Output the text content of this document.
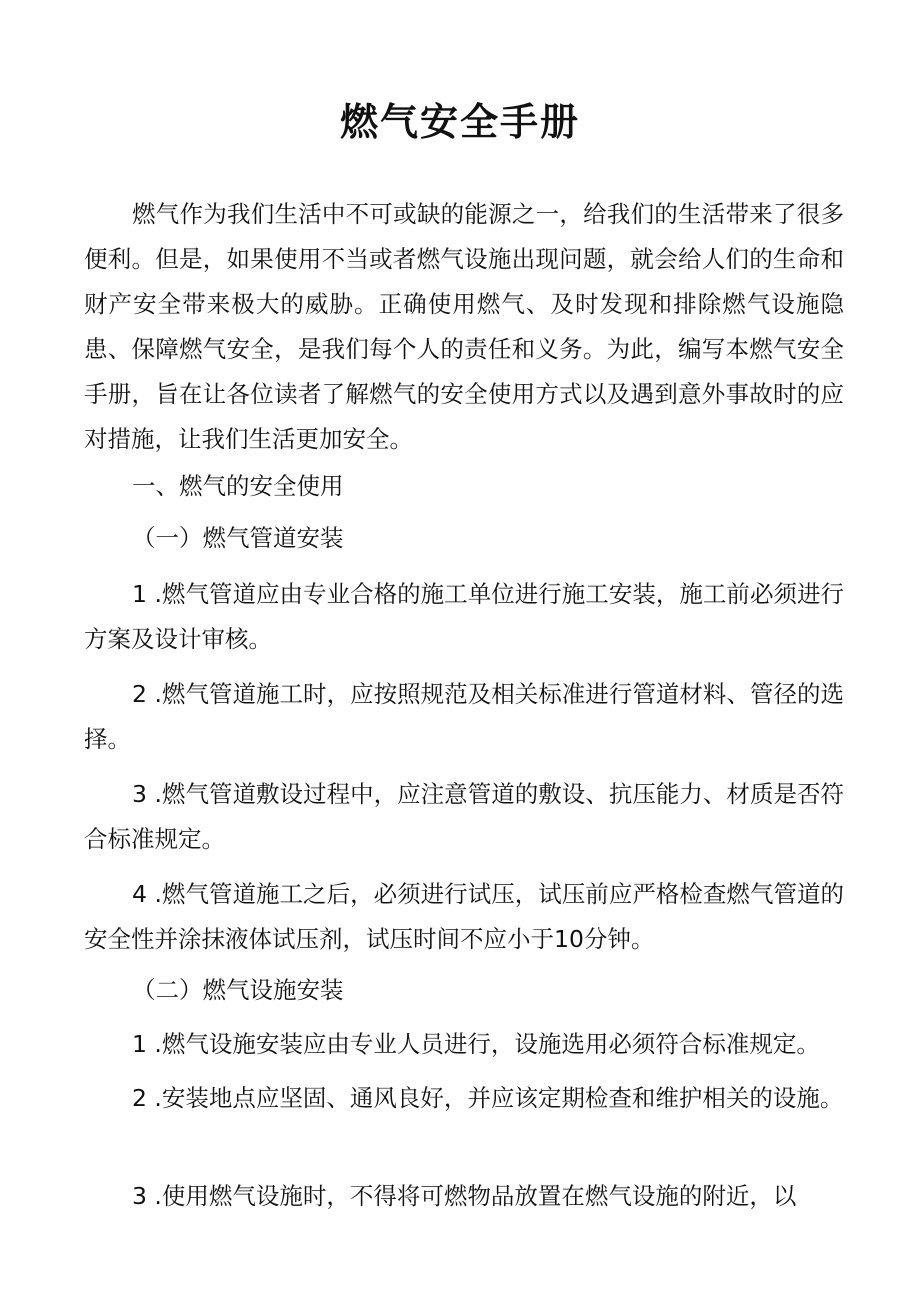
燃气安全手册

燃气作为我们生活中不可或缺的能源之一，给我们的生活带来了很多便利。但是，如果使用不当或者燃气设施出现问题，就会给人们的生命和财产安全带来极大的威胁。正确使用燃气、及时发现和排除燃气设施隐患、保障燃气安全，是我们每个人的责任和义务。为此，编写本燃气安全手册，旨在让各位读者了解燃气的安全使用方式以及遇到意外事故时的应对措施，让我们生活更加安全。

一、燃气的安全使用

（一）燃气管道安装

1 .燃气管道应由专业合格的施工单位进行施工安装，施工前必须进行方案及设计审核。

2 .燃气管道施工时，应按照规范及相关标准进行管道材料、管径的选择。

3 .燃气管道敷设过程中，应注意管道的敷设、抗压能力、材质是否符合标准规定。

4 .燃气管道施工之后，必须进行试压，试压前应严格检查燃气管道的安全性并涂抹液体试压剂，试压时间不应小于10分钟。

（二）燃气设施安装

1 .燃气设施安装应由专业人员进行，设施选用必须符合标准规定。

2 .安装地点应坚固、通风良好，并应该定期检查和维护相关的设施。

3 .使用燃气设施时，不得将可燃物品放置在燃气设施的附近，以
